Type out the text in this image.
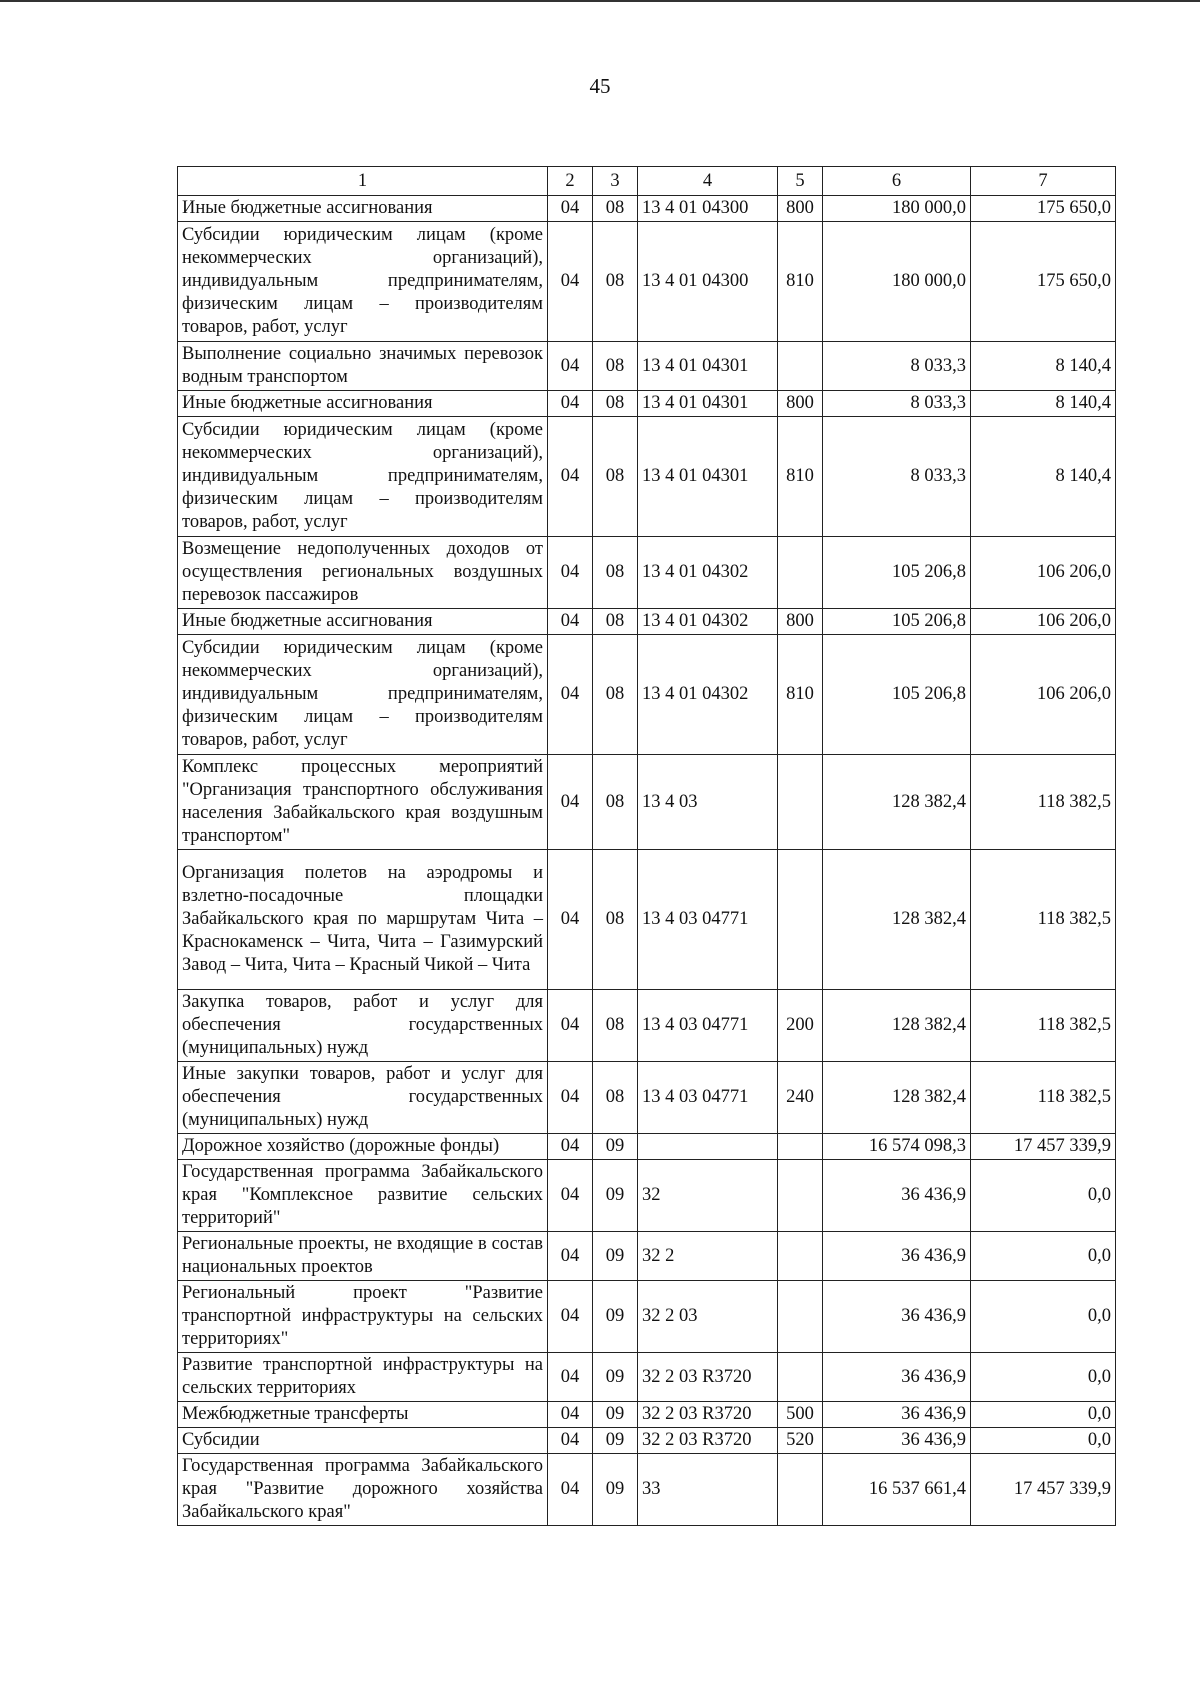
45
1	2	3	4	5	6	7
Иные бюджетные ассигнования	04	08	13 4 01 04300	800	180 000,0	175 650,0
Субсидии юридическим лицам (кроме некоммерческих организаций), индивидуальным предпринимателям, физическим лицам – производителям товаров, работ, услуг	04	08	13 4 01 04300	810	180 000,0	175 650,0
Выполнение социально значимых перевозок водным транспортом	04	08	13 4 01 04301		8 033,3	8 140,4
Иные бюджетные ассигнования	04	08	13 4 01 04301	800	8 033,3	8 140,4
Субсидии юридическим лицам (кроме некоммерческих организаций), индивидуальным предпринимателям, физическим лицам – производителям товаров, работ, услуг	04	08	13 4 01 04301	810	8 033,3	8 140,4
Возмещение недополученных доходов от осуществления региональных воздушных перевозок пассажиров	04	08	13 4 01 04302		105 206,8	106 206,0
Иные бюджетные ассигнования	04	08	13 4 01 04302	800	105 206,8	106 206,0
Субсидии юридическим лицам (кроме некоммерческих организаций), индивидуальным предпринимателям, физическим лицам – производителям товаров, работ, услуг	04	08	13 4 01 04302	810	105 206,8	106 206,0
Комплекс процессных мероприятий "Организация транспортного обслуживания населения Забайкальского края воздушным транспортом"	04	08	13 4 03		128 382,4	118 382,5
Организация полетов на аэродромы и взлетно-посадочные площадки Забайкальского края по маршрутам Чита – Краснокаменск – Чита, Чита – Газимурский Завод – Чита, Чита – Красный Чикой – Чита	04	08	13 4 03 04771		128 382,4	118 382,5
Закупка товаров, работ и услуг для обеспечения государственных (муниципальных) нужд	04	08	13 4 03 04771	200	128 382,4	118 382,5
Иные закупки товаров, работ и услуг для обеспечения государственных (муниципальных) нужд	04	08	13 4 03 04771	240	128 382,4	118 382,5
Дорожное хозяйство (дорожные фонды)	04	09			16 574 098,3	17 457 339,9
Государственная программа Забайкальского края "Комплексное развитие сельских территорий"	04	09	32		36 436,9	0,0
Региональные проекты, не входящие в состав национальных проектов	04	09	32 2		36 436,9	0,0
Региональный проект "Развитие транспортной инфраструктуры на сельских территориях"	04	09	32 2 03		36 436,9	0,0
Развитие транспортной инфраструктуры на сельских территориях	04	09	32 2 03 R3720		36 436,9	0,0
Межбюджетные трансферты	04	09	32 2 03 R3720	500	36 436,9	0,0
Субсидии	04	09	32 2 03 R3720	520	36 436,9	0,0
Государственная программа Забайкальского края "Развитие дорожного хозяйства Забайкальского края"	04	09	33		16 537 661,4	17 457 339,9
